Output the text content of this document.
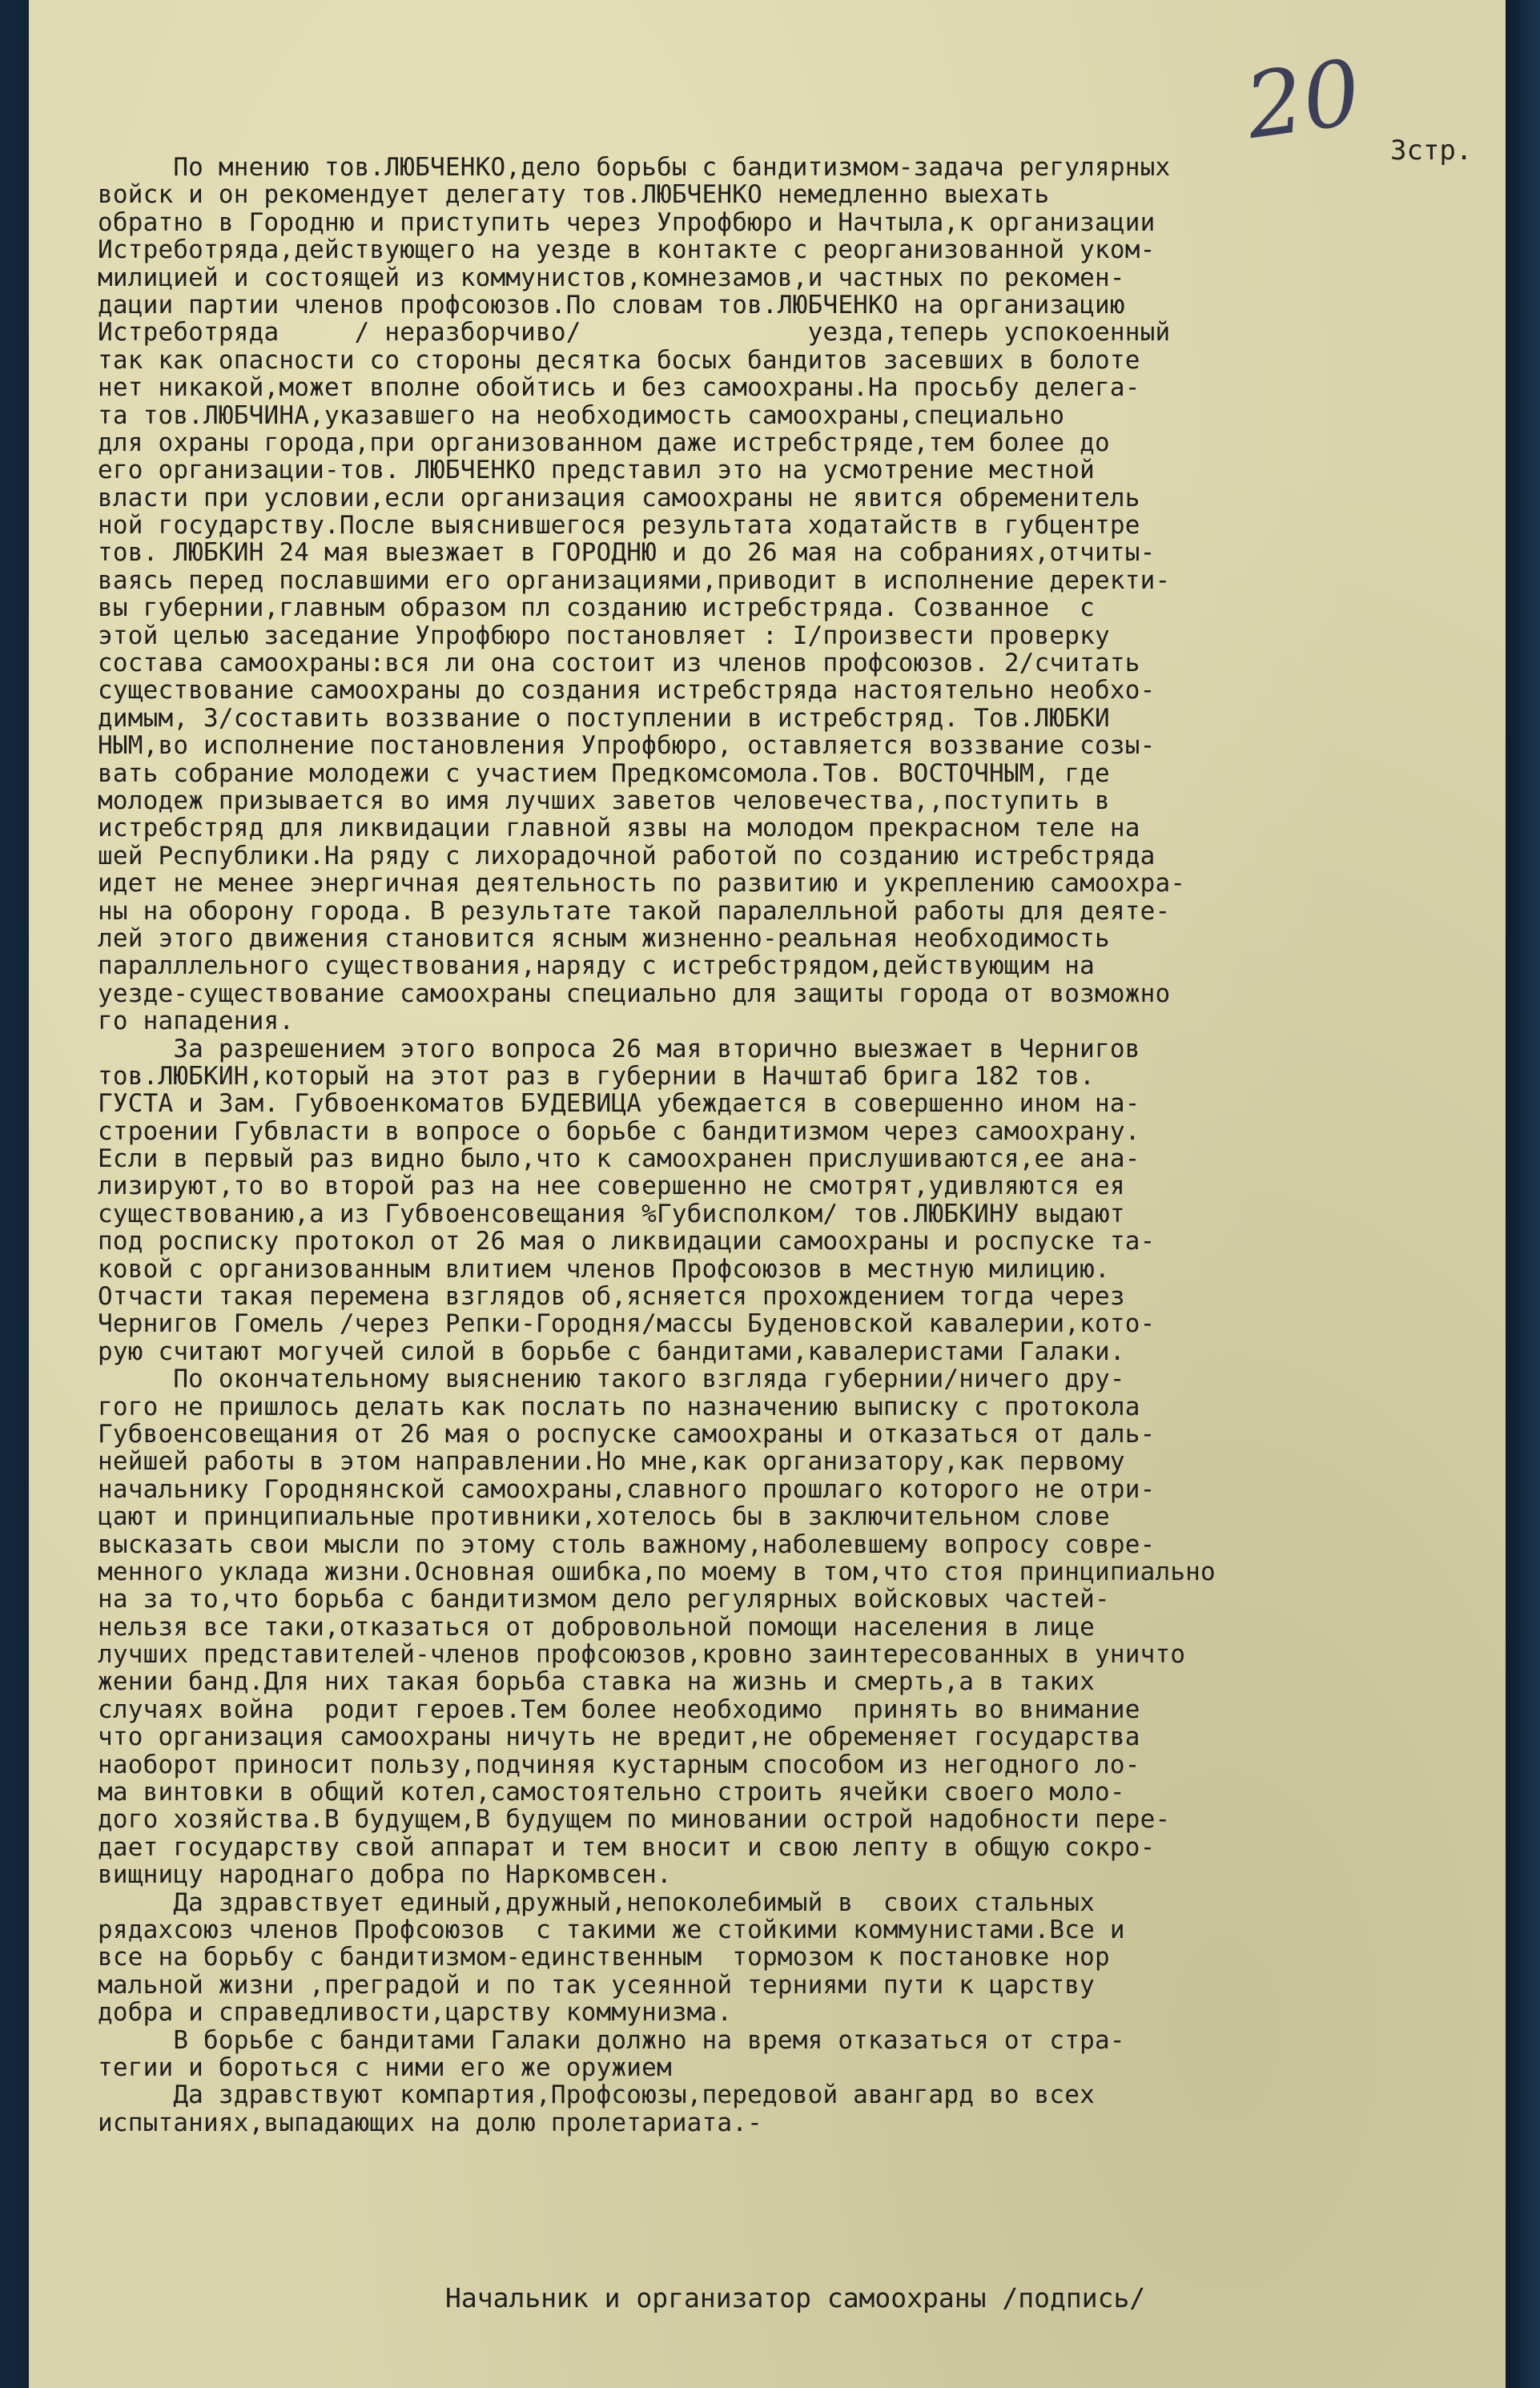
20 3стр.
По мнению тов.ЛЮБЧЕНКО,дело борьбы с бандитизмом-задача регулярных
войск и он рекомендует делегату тов.ЛЮБЧЕНКО немедленно выехать
обратно в Городню и приступить через Упрофбюро и Начтыла,к организации
Истреботряда,действующего на уезде в контакте с реорганизованной уком-
милицией и состоящей из коммунистов,комнезамов,и частных по рекомен-
дации партии членов профсоюзов.По словам тов.ЛЮБЧЕНКО на организацию
Истреботряда     / неразборчиво/               уезда,теперь успокоенный
так как опасности со стороны десятка босых бандитов засевших в болоте
нет никакой,может вполне обойтись и без самоохраны.На просьбу делега-
та тов.ЛЮБЧИНА,указавшего на необходимость самоохраны,специально
для охраны города,при организованном даже истребстряде,тем более до
его организации-тов. ЛЮБЧЕНКО представил это на усмотрение местной
власти при условии,если организация самоохраны не явится обременитель
ной государству.После выяснившегося результата ходатайств в губцентре
тов. ЛЮБКИН 24 мая выезжает в ГОРОДНЮ и до 26 мая на собраниях,отчиты-
ваясь перед пославшими его организациями,приводит в исполнение деректи-
вы губернии,главным образом пл созданию истребстряда. Созванное  с
этой целью заседание Упрофбюро постановляет : I/произвести проверку
состава самоохраны:вся ли она состоит из членов профсоюзов. 2/считать
существование самоохраны до создания истребстряда настоятельно необхо-
димым, 3/составить воззвание о поступлении в истребстряд. Тов.ЛЮБКИ
НЫМ,во исполнение постановления Упрофбюро, оставляется воззвание созы-
вать собрание молодежи с участием Предкомсомола.Тов. ВОСТОЧНЫМ, где
молодеж призывается во имя лучших заветов человечества,,поступить в
истребстряд для ликвидации главной язвы на молодом прекрасном теле на
шей Республики.На ряду с лихорадочной работой по созданию истребстряда
идет не менее энергичная деятельность по развитию и укреплению самоохра-
ны на оборону города. В результате такой паралелльной работы для деяте-
лей этого движения становится ясным жизненно-реальная необходимость
паралллельного существования,наряду с истребстрядом,действующим на
уезде-существование самоохраны специально для защиты города от возможно
го нападения.
За разрешением этого вопроса 26 мая вторично выезжает в Чернигов
тов.ЛЮБКИН,который на этот раз в губернии в Начштаб брига 182 тов.
ГУСТА и Зам. Губвоенкоматов БУДЕВИЦА убеждается в совершенно ином на-
строении Губвласти в вопросе о борьбе с бандитизмом через самоохрану.
Если в первый раз видно было,что к самоохранен прислушиваются,ее ана-
лизируют,то во второй раз на нее совершенно не смотрят,удивляются ея
существованию,а из Губвоенсовещания %Губисполком/ тов.ЛЮБКИНУ выдают
под росписку протокол от 26 мая о ликвидации самоохраны и роспуске та-
ковой с организованным влитием членов Профсоюзов в местную милицию.
Отчасти такая перемена взглядов об,ясняется прохождением тогда через
Чернигов Гомель /через Репки-Городня/массы Буденовской кавалерии,кото-
рую считают могучей силой в борьбе с бандитами,кавалеристами Галаки.
По окончательному выяснению такого взгляда губернии/ничего дру-
гого не пришлось делать как послать по назначению выписку с протокола
Губвоенсовещания от 26 мая о роспуске самоохраны и отказаться от даль-
нейшей работы в этом направлении.Но мне,как организатору,как первому
начальнику Городнянской самоохраны,славного прошлаго которого не отри-
цают и принципиальные противники,хотелось бы в заключительном слове
высказать свои мысли по этому столь важному,наболевшему вопросу совре-
менного уклада жизни.Основная ошибка,по моему в том,что стоя принципиально
на за то,что борьба с бандитизмом дело регулярных войсковых частей-
нельзя все таки,отказаться от добровольной помощи населения в лице
лучших представителей-членов профсоюзов,кровно заинтересованных в уничто
жении банд.Для них такая борьба ставка на жизнь и смерть,а в таких
случаях война  родит героев.Тем более необходимо  принять во внимание
что организация самоохраны ничуть не вредит,не обременяет государства
наоборот приносит пользу,подчиняя кустарным способом из негодного ло-
ма винтовки в общий котел,самостоятельно строить ячейки своего моло-
дого хозяйства.В будущем,В будущем по миновании острой надобности пере-
дает государству свой аппарат и тем вносит и свою лепту в общую сокро-
вищницу народнаго добра по Наркомвсен.
Да здравствует единый,дружный,непоколебимый в  своих стальных
рядахсоюз членов Профсоюзов  с такими же стойкими коммунистами.Все и
все на борьбу с бандитизмом-единственным  тормозом к постановке нор
мальной жизни ,преградой и по так усеянной терниями пути к царству
добра и справедливости,царству коммунизма.
В борьбе с бандитами Галаки должно на время отказаться от стра-
тегии и бороться с ними его же оружием
Да здравствуют компартия,Профсоюзы,передовой авангард во всех
испытаниях,выпадающих на долю пролетариата.-
Начальник и организатор самоохраны /подпись/
